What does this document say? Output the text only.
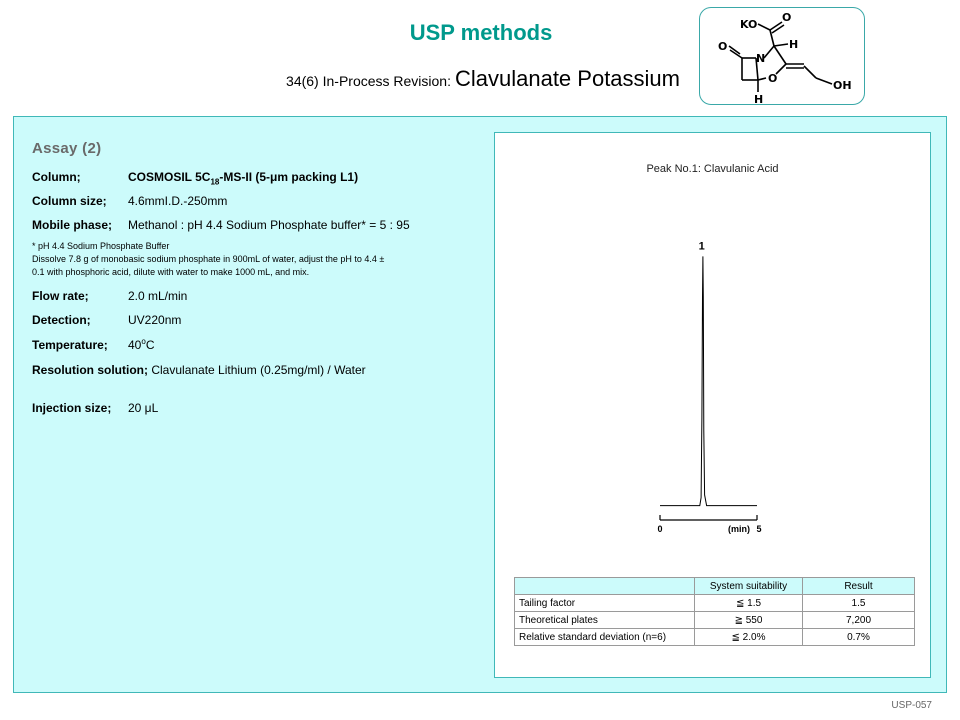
USP methods
34(6) In-Process Revision: Clavulanate Potassium
KO
O
H
O
N
O
H
OH
Assay (2)
Column;	COSMOSIL $5C_{18}-MS-II$ (5-μm packing L1)
Column size; 4.6mmI.D.-250mm
Mobile phase; Methanol : pH 4.4 Sodium Phosphate buffer* = 5 : 95
* pH 4.4 Sodium Phosphate Buffer
Dissolve 7.8 g of monobasic sodium phosphate in 900mL of water, adjust the pH to 4.4 ±
0.1 with phosphoric acid, dilute with water to make 1000 mL, and mix.
Flow rate;	2.0 mL/min
Detection;	UV220nm
Temperature; 40$^o$C
Resolution solution; Clavulanate Lithium (0.25mg/ml) / Water
Injection size; 20 μL
Peak No.1: Clavulanic Acid
0	5
(min)
1
	System suitability	Result
Tailing factor	≦ 1.5	1.5
Theoretical plates	≧ 550	7,200
Relative standard deviation (n=6)	≦ 2.0%	0.7%
USP-057
